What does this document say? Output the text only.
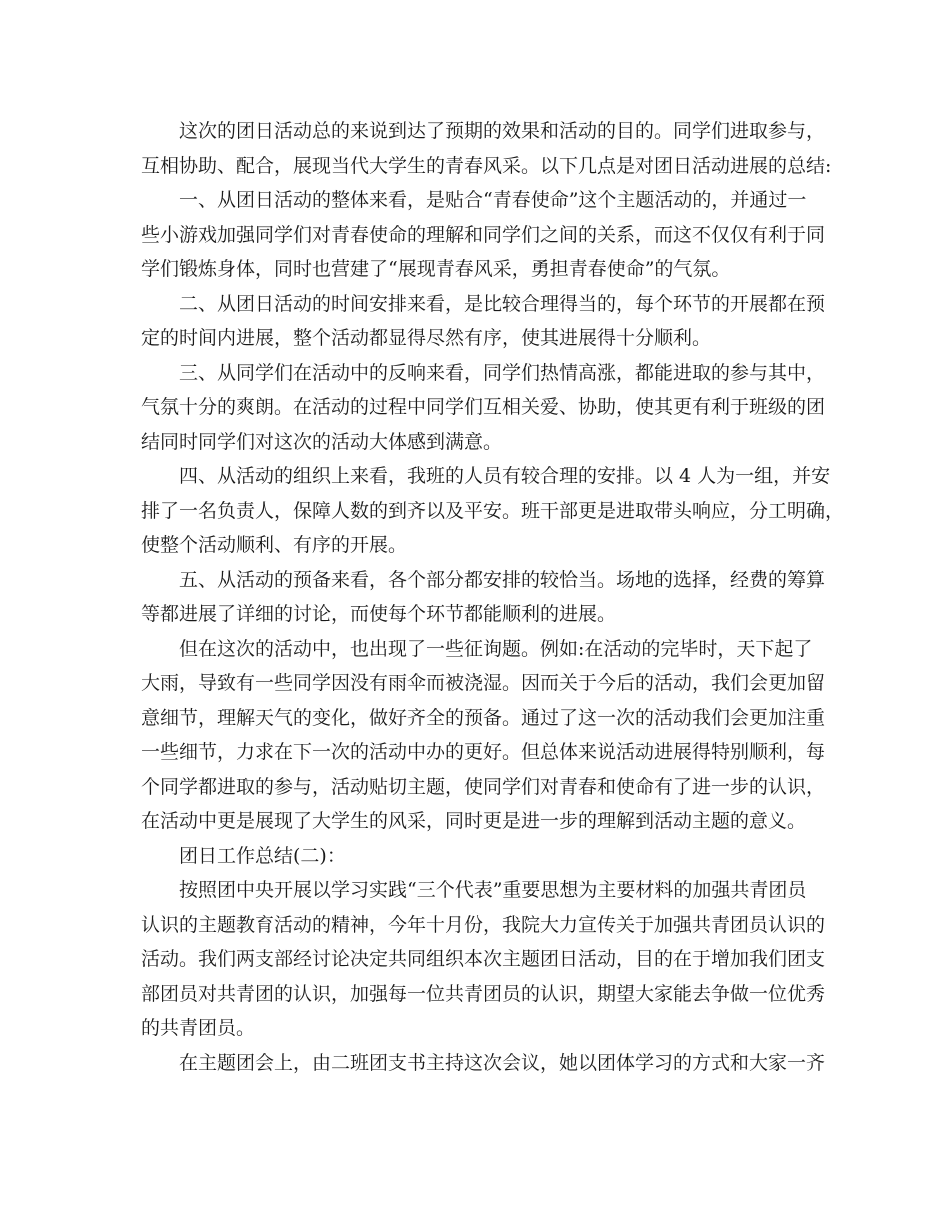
这次的团日活动总的来说到达了预期的效果和活动的目的。同学们进取参与，
互相协助、配合，展现当代大学生的青春风采。以下几点是对团日活动进展的总结:
一、从团日活动的整体来看，是贴合“青春使命”这个主题活动的，并通过一
些小游戏加强同学们对青春使命的理解和同学们之间的关系，而这不仅仅有利于同
学们锻炼身体，同时也营建了“展现青春风采，勇担青春使命”的气氛。
二、从团日活动的时间安排来看，是比较合理得当的，每个环节的开展都在预
定的时间内进展，整个活动都显得尽然有序，使其进展得十分顺利。
三、从同学们在活动中的反响来看，同学们热情高涨，都能进取的参与其中，
气氛十分的爽朗。在活动的过程中同学们互相关爱、协助，使其更有利于班级的团
结同时同学们对这次的活动大体感到满意。
四、从活动的组织上来看，我班的人员有较合理的安排。以 4 人为一组，并安
排了一名负责人，保障人数的到齐以及平安。班干部更是进取带头响应，分工明确，
使整个活动顺利、有序的开展。
五、从活动的预备来看，各个部分都安排的较恰当。场地的选择，经费的筹算
等都进展了详细的讨论，而使每个环节都能顺利的进展。
但在这次的活动中，也出现了一些征询题。例如:在活动的完毕时，天下起了
大雨，导致有一些同学因没有雨伞而被浇湿。因而关于今后的活动，我们会更加留
意细节，理解天气的变化，做好齐全的预备。通过了这一次的活动我们会更加注重
一些细节，力求在下一次的活动中办的更好。但总体来说活动进展得特别顺利，每
个同学都进取的参与，活动贴切主题，使同学们对青春和使命有了进一步的认识，
在活动中更是展现了大学生的风采，同时更是进一步的理解到活动主题的意义。
团日工作总结(二)：
按照团中央开展以学习实践“三个代表”重要思想为主要材料的加强共青团员
认识的主题教育活动的精神，今年十月份，我院大力宣传关于加强共青团员认识的
活动。我们两支部经讨论决定共同组织本次主题团日活动，目的在于增加我们团支
部团员对共青团的认识，加强每一位共青团员的认识，期望大家能去争做一位优秀
的共青团员。
在主题团会上，由二班团支书主持这次会议，她以团体学习的方式和大家一齐
